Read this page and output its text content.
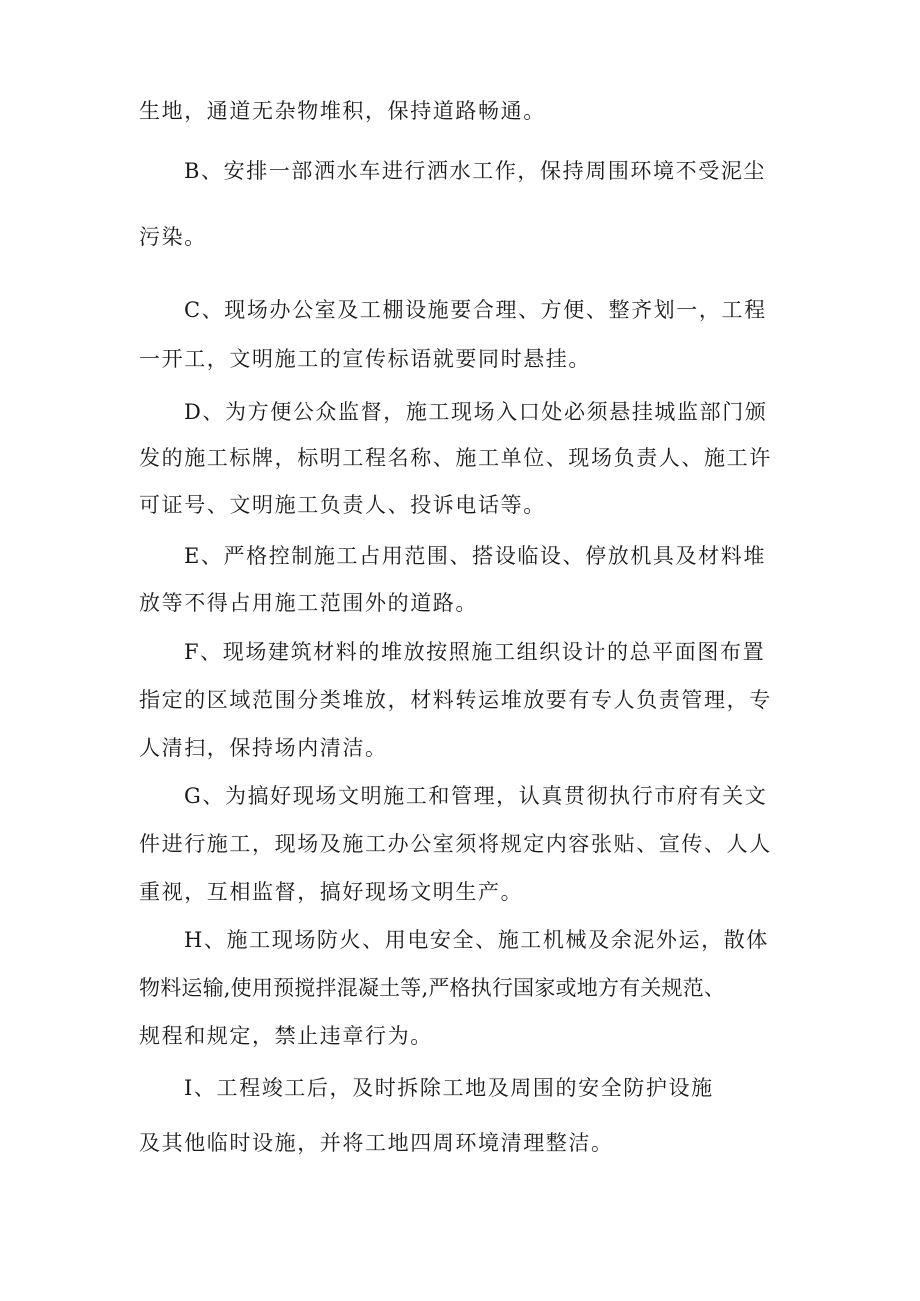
生地，通道无杂物堆积，保持道路畅通。
B、安排一部洒水车进行洒水工作，保持周围环境不受泥尘
污染。
C、现场办公室及工棚设施要合理、方便、整齐划一，工程
一开工，文明施工的宣传标语就要同时悬挂。
D、为方便公众监督，施工现场入口处必须悬挂城监部门颁
发的施工标牌，标明工程名称、施工单位、现场负责人、施工许
可证号、文明施工负责人、投诉电话等。
E、严格控制施工占用范围、搭设临设、停放机具及材料堆
放等不得占用施工范围外的道路。
F、现场建筑材料的堆放按照施工组织设计的总平面图布置
指定的区域范围分类堆放，材料转运堆放要有专人负责管理，专
人清扫，保持场内清洁。
G、为搞好现场文明施工和管理，认真贯彻执行市府有关文
件进行施工，现场及施工办公室须将规定内容张贴、宣传、人人
重视，互相监督，搞好现场文明生产。
H、施工现场防火、用电安全、施工机械及余泥外运，散体
物料运输,使用预搅拌混凝土等,严格执行国家或地方有关规范、
规程和规定，禁止违章行为。
Ⅰ、工程竣工后，及时拆除工地及周围的安全防护设施
及其他临时设施，并将工地四周环境清理整洁。
